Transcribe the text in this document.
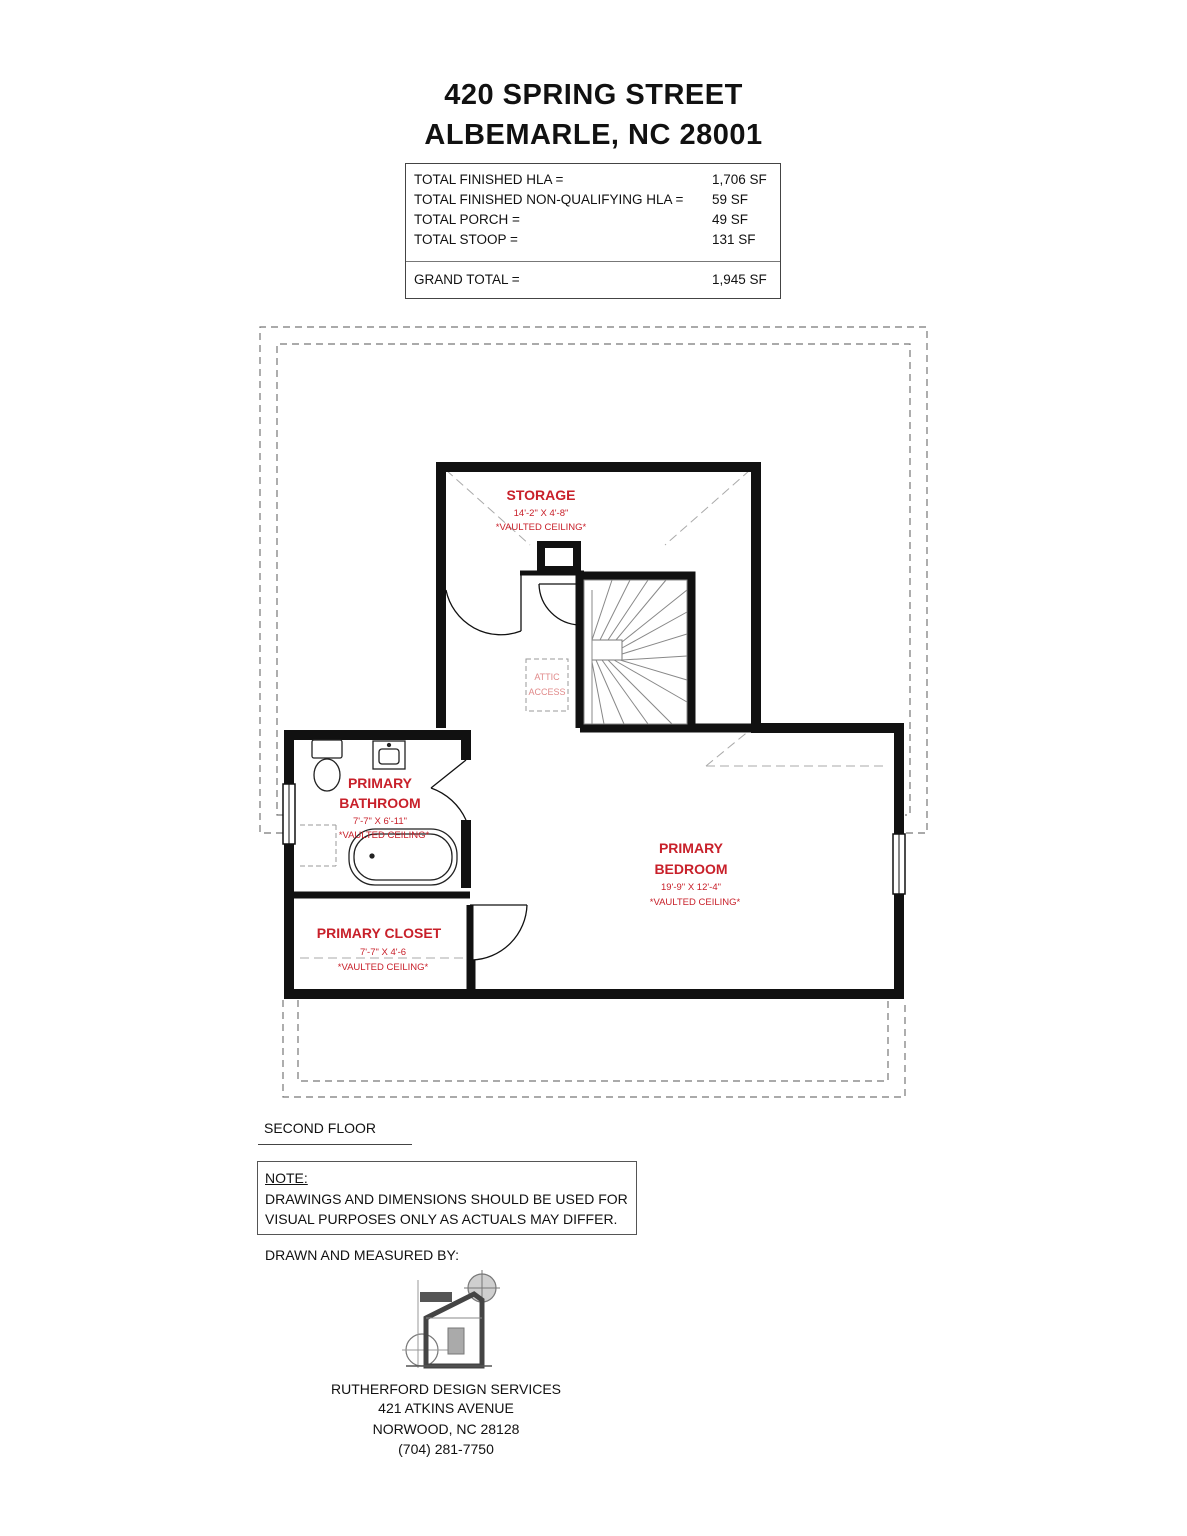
420 SPRING STREET
ALBEMARLE, NC 28001
TOTAL FINISHED HLA =	1,706 SF
TOTAL FINISHED NON-QUALIFYING HLA = 59 SF
TOTAL PORCH =	49 SF
TOTAL STOOP =	131 SF
GRAND TOTAL =	1,945 SF
ATTIC
ACCESS
STORAGE
14'-2" X 4'-8"
*VAULTED CEILING*
PRIMARY
BATHROOM
7'-7" X 6'-11"
*VAULTED CEILING*
PRIMARY
BEDROOM
19'-9" X 12'-4"
*VAULTED CEILING*
PRIMARY CLOSET
7'-7" X 4'-6
*VAULTED CEILING*
SECOND FLOOR
NOTE:
DRAWINGS AND DIMENSIONS SHOULD BE USED FOR
VISUAL PURPOSES ONLY AS ACTUALS MAY DIFFER.
DRAWN AND MEASURED BY:
RUTHERFORD DESIGN SERVICES
421 ATKINS AVENUE
NORWOOD, NC 28128
(704) 281-7750
